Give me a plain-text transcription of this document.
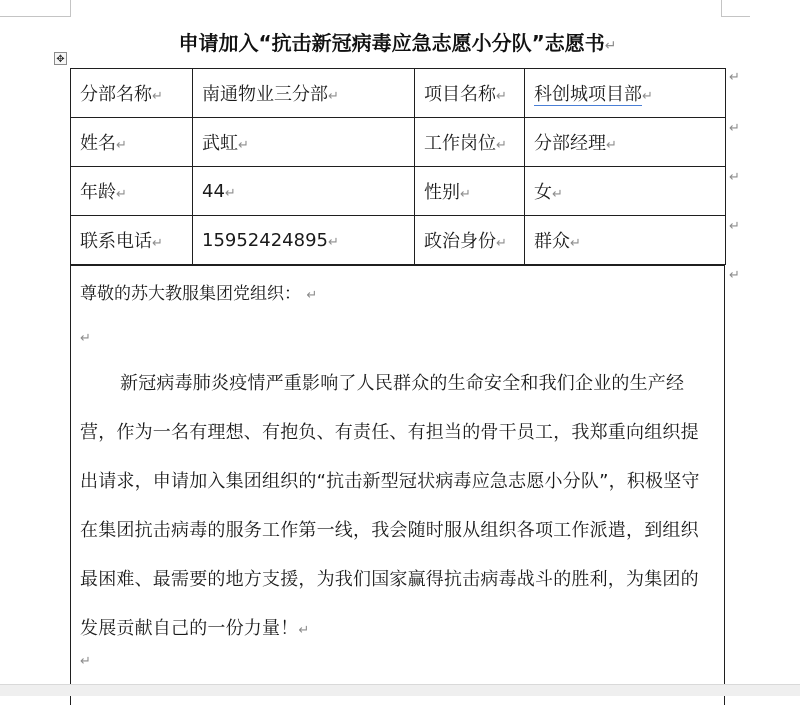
申请加入“抗击新冠病毒应急志愿小分队”志愿书↵
✥
分部名称↵	南通物业三分部↵	项目名称↵	科创城项目部↵
姓名↵	武虹↵	工作岗位↵	分部经理↵
年龄↵	44↵	性别↵	女↵
联系电话↵	15952424895↵	政治身份↵	群众↵
↵
↵
↵
↵
↵
尊敬的苏大教服集团党组织： ↵
↵

新冠病毒肺炎疫情严重影响了人民群众的生命安全和我们企业的生产经营，作为一名有理想、有抱负、有责任、有担当的骨干员工，我郑重向组织提出请求，申请加入集团组织的“抗击新型冠状病毒应急志愿小分队”，积极坚守在集团抗击病毒的服务工作第一线，我会随时服从组织各项工作派遣，到组织最困难、最需要的地方支援，为我们国家赢得抗击病毒战斗的胜利，为集团的发展贡献自己的一份力量！↵

↵
